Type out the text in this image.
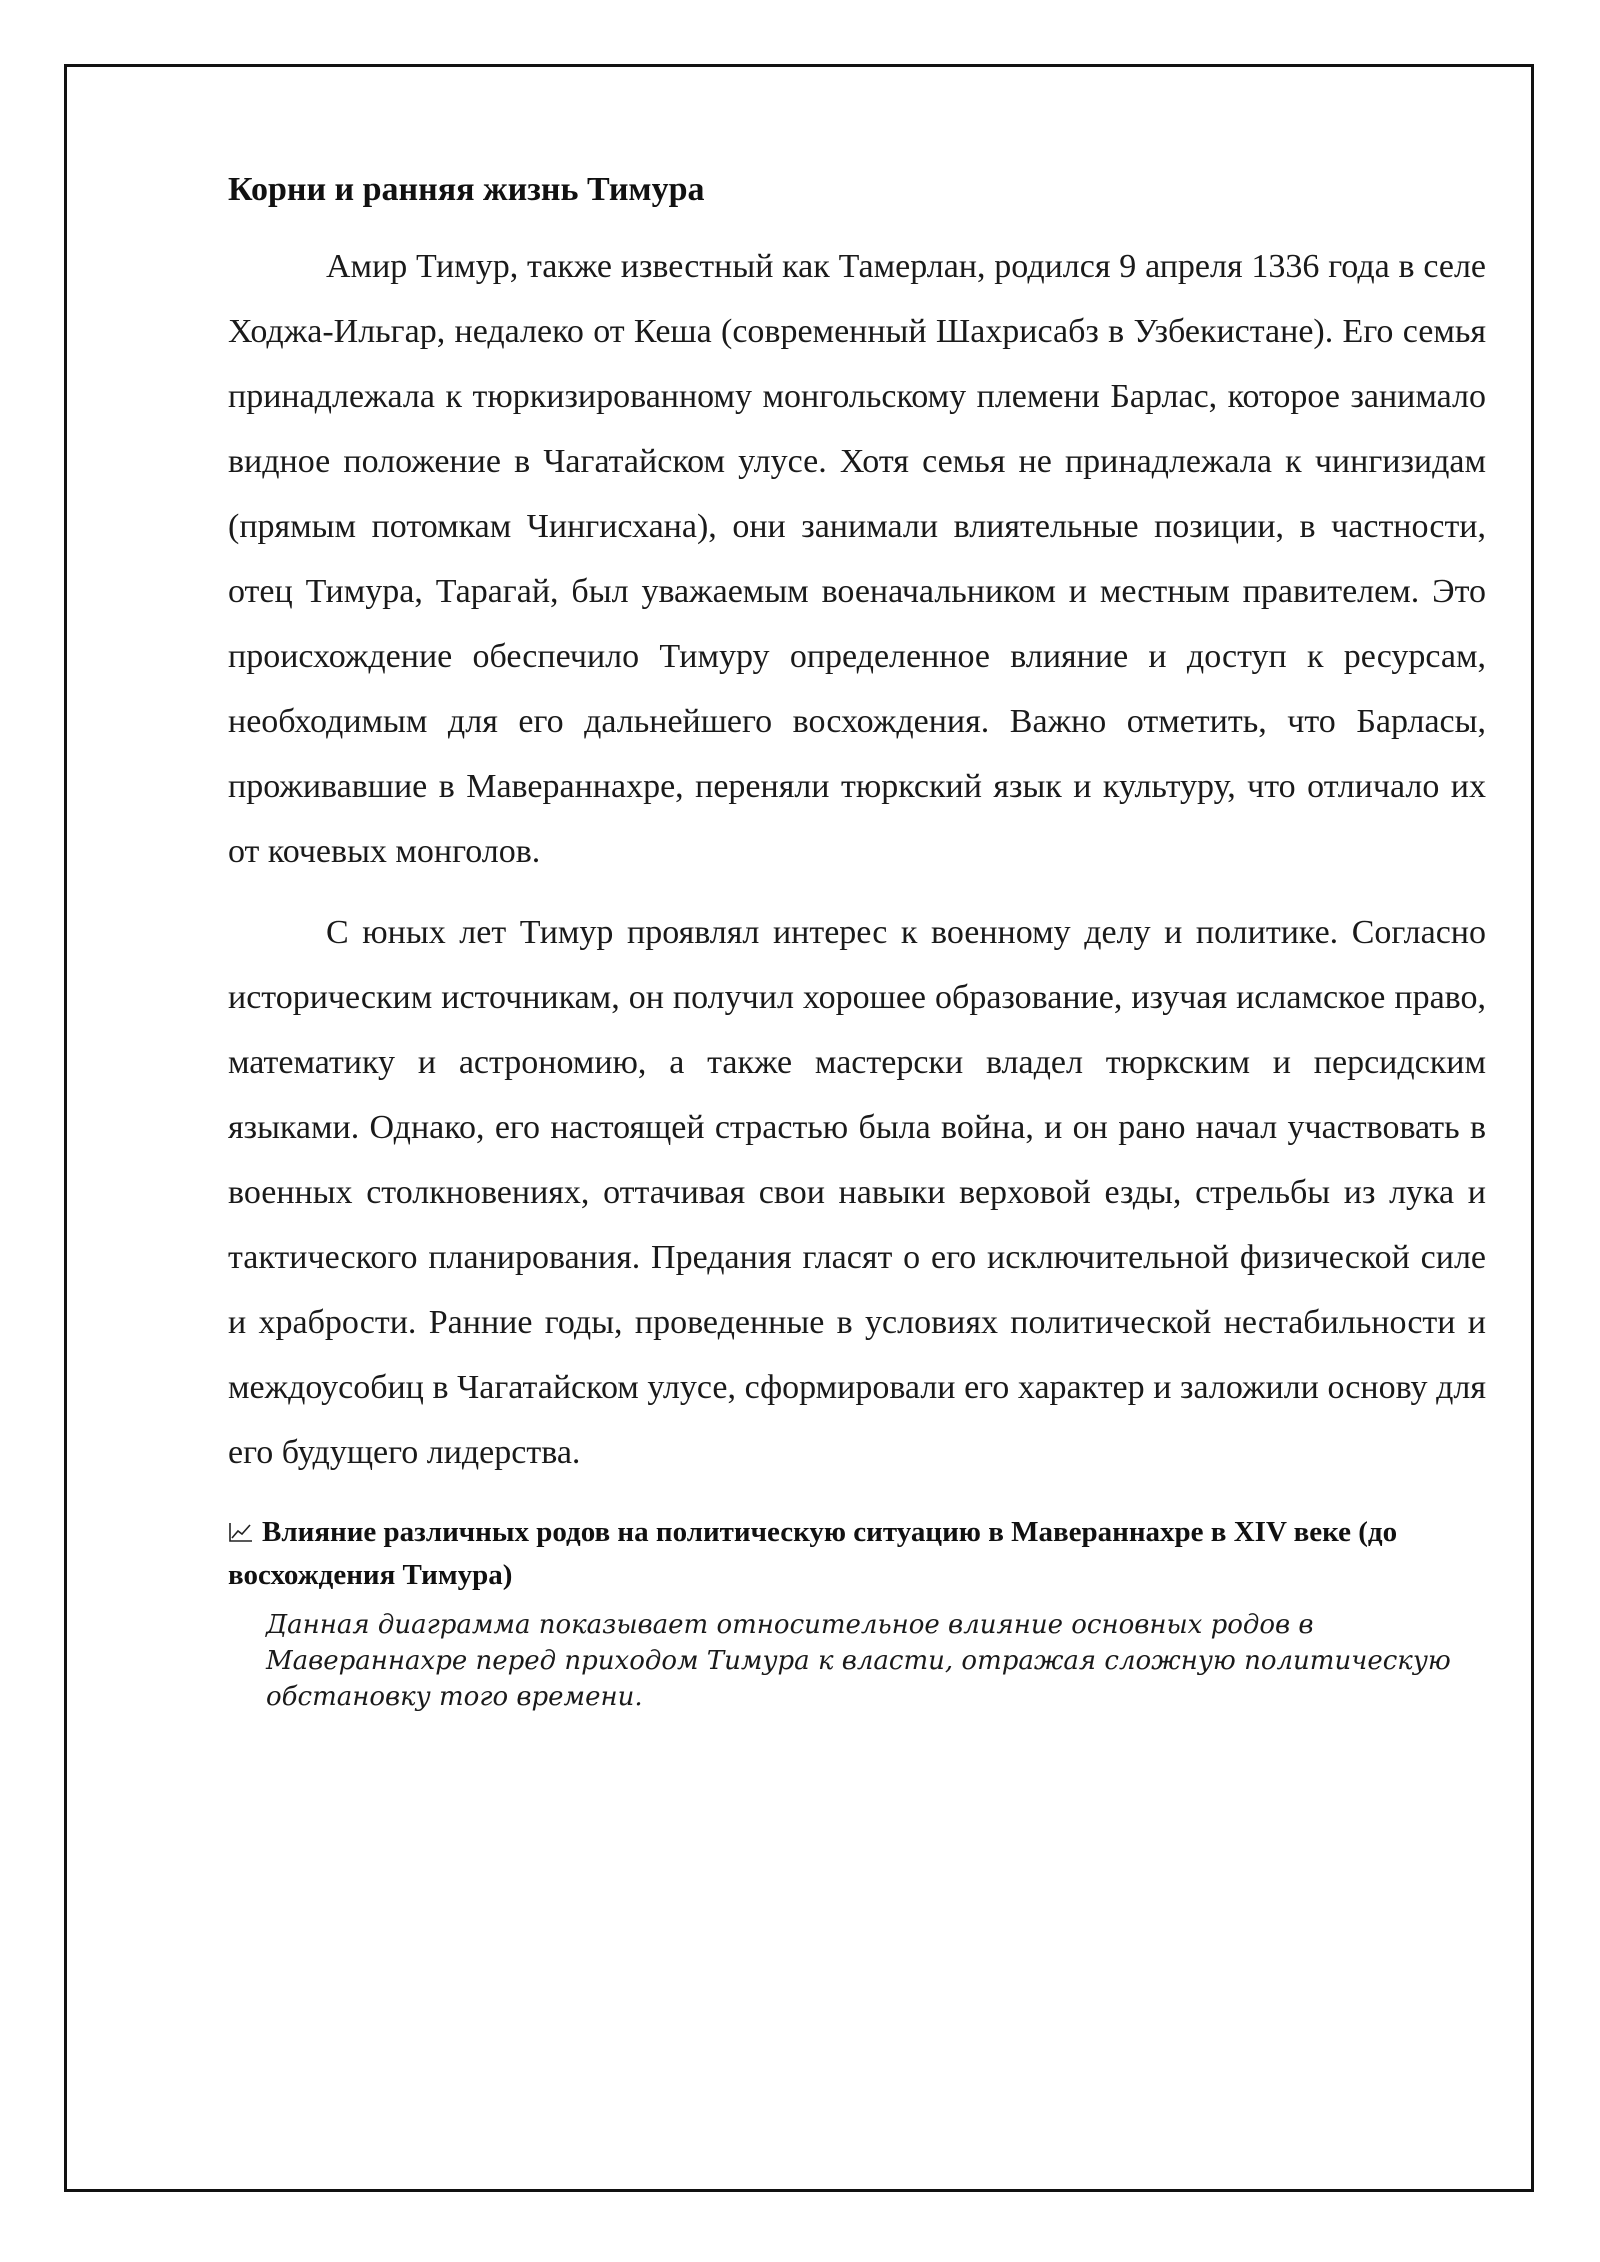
Корни и ранняя жизнь Тимура

Амир Тимур, также известный как Тамерлан, родился 9 апреля 1336 года в селе Ходжа-Ильгар, недалеко от Кеша (современный Шахрисабз в Узбекистане). Его семья принадлежала к тюркизированному монгольскому племени Барлас, которое занимало видное положение в Чагатайском улусе. Хотя семья не принадлежала к чингизидам (прямым потомкам Чингисхана), они занимали влиятельные позиции, в частности, отец Тимура, Тарагай, был уважаемым военачальником и местным правителем. Это происхождение обеспечило Тимуру определенное влияние и доступ к ресурсам, необходимым для его дальнейшего восхождения. Важно отметить, что Барласы, проживавшие в Мавераннахре, переняли тюркский язык и культуру, что отличало их от кочевых монголов.

С юных лет Тимур проявлял интерес к военному делу и политике. Согласно историческим источникам, он получил хорошее образование, изучая исламское право, математику и астрономию, а также мастерски владел тюркским и персидским языками. Однако, его настоящей страстью была война, и он рано начал участвовать в военных столкновениях, оттачивая свои навыки верховой езды, стрельбы из лука и тактического планирования. Предания гласят о его исключительной физической силе и храбрости. Ранние годы, проведенные в условиях политической нестабильности и междоусобиц в Чагатайском улусе, сформировали его характер и заложили основу для его будущего лидерства.

Влияние различных родов на политическую ситуацию в Мавераннахре в XIV веке (до восхождения Тимура)

Данная диаграмма показывает относительное влияние основных родов в Мавераннахре перед приходом Тимура к власти, отражая сложную политическую обстановку того времени.
